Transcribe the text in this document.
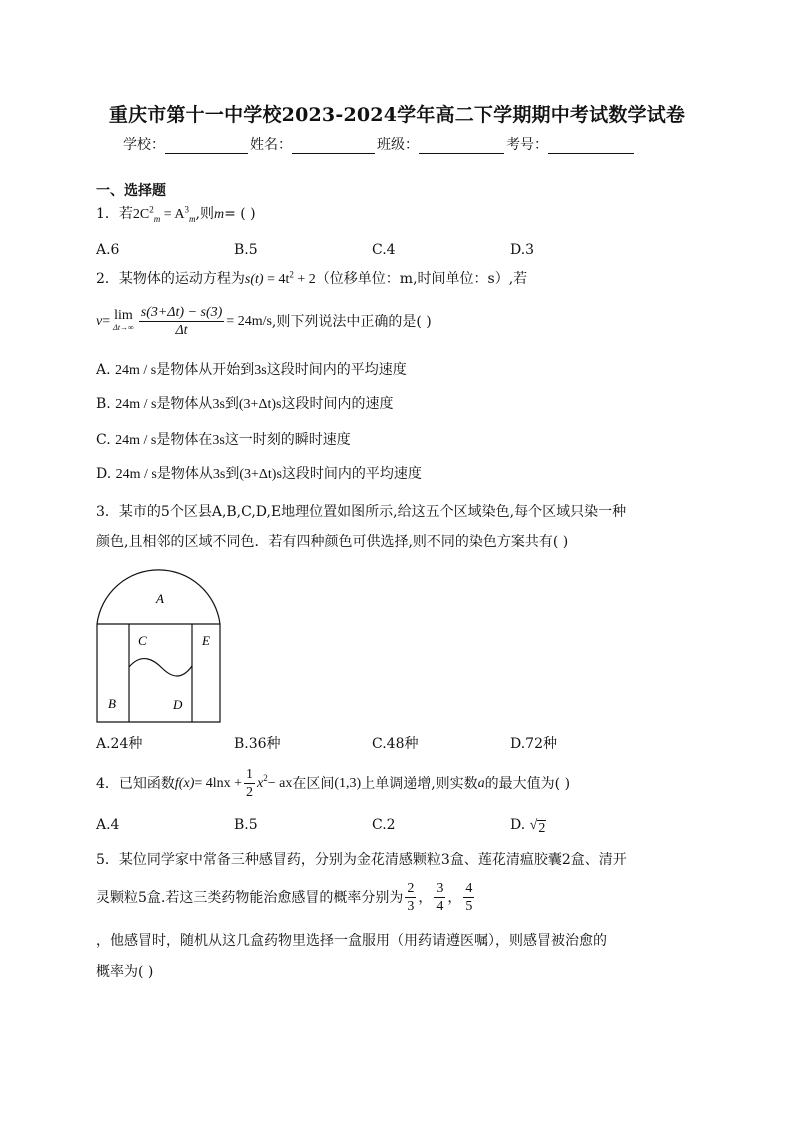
重庆市第十一中学校2023-2024学年高二下学期期中考试数学试卷
学校：	姓名：	班级：	考号：
一、选择题
1．若$2C^2_m = A^3_m$,则m= ( )
A.6	B.5	C.4	D.3
2．某物体的运动方程为$s(t) = 4t^2 + 2$（位移单位：m,时间单位：s）,若
v = lim
$\Delta t\to\infty \frac{s(3+\Delta t) - s(3)}{\Delta t} = 24m/s$ ,则下列说法中正确的是( )
A. 24m / s是物体从开始到3s这段时间内的平均速度
B. 24m / s是物体从3s到(3+Δt)s这段时间内的速度
C. 24m / s是物体在3s这一时刻的瞬时速度
D. 24m / s是物体从3s到(3+Δt)s这段时间内的平均速度
3．某市的5个区县A,B,C,D,E地理位置如图所示,给这五个区域染色,每个区域只染一种
颜色,且相邻的区域不同色．若有四种颜色可供选择,则不同的染色方案共有( )
A
C	E
B	D
A.24种	B.36种	C.48种	D.72种
4． 已知函数 $f(x) = 4\ln x + \frac{1}{2} x^2$ − ax 在区间 (1,3) 上单调递增,则实数 a 的最大值为( )
A.4	B.5	C.2	D. √ 2
5．某位同学家中常备三种感冒药，分别为金花清感颗粒3盒、莲花清瘟胶囊2盒、清开
灵颗粒5盒.若这三类药物能治愈感冒的概率分别为 $\frac{2}{3}$ ， $\frac{3}{4}$ ， $\frac{4}{5}$
，他感冒时，随机从这几盒药物里选择一盒服用（用药请遵医嘱），则感冒被治愈的
概率为( )
